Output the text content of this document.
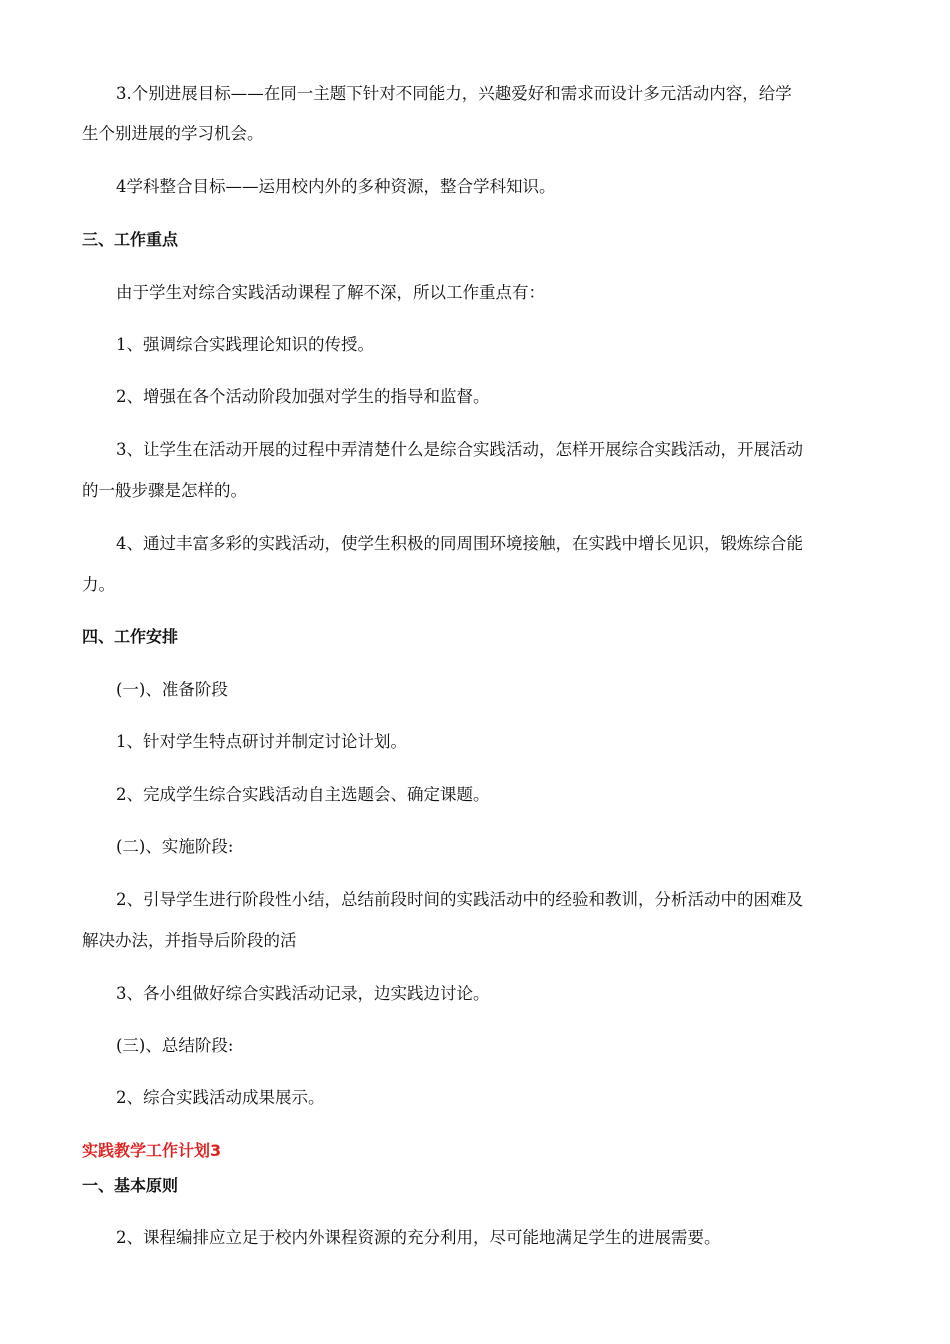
3.个别进展目标——在同一主题下针对不同能力，兴趣爱好和需求而设计多元活动内容，给学
生个别进展的学习机会。
4学科整合目标——运用校内外的多种资源，整合学科知识。
三、工作重点
由于学生对综合实践活动课程了解不深，所以工作重点有：
1、强调综合实践理论知识的传授。
2、增强在各个活动阶段加强对学生的指导和监督。
3、让学生在活动开展的过程中弄清楚什么是综合实践活动，怎样开展综合实践活动，开展活动
的一般步骤是怎样的。
4、通过丰富多彩的实践活动，使学生积极的同周围环境接触，在实践中增长见识，锻炼综合能
力。
四、工作安排
(一)、准备阶段
1、针对学生特点研讨并制定讨论计划。
2、完成学生综合实践活动自主选题会、确定课题。
(二)、实施阶段:
2、引导学生进行阶段性小结，总结前段时间的实践活动中的经验和教训，分析活动中的困难及
解决办法，并指导后阶段的活
3、各小组做好综合实践活动记录，边实践边讨论。
(三)、总结阶段:
2、综合实践活动成果展示。
实践教学工作计划3
一、基本原则
2、课程编排应立足于校内外课程资源的充分利用，尽可能地满足学生的进展需要。
